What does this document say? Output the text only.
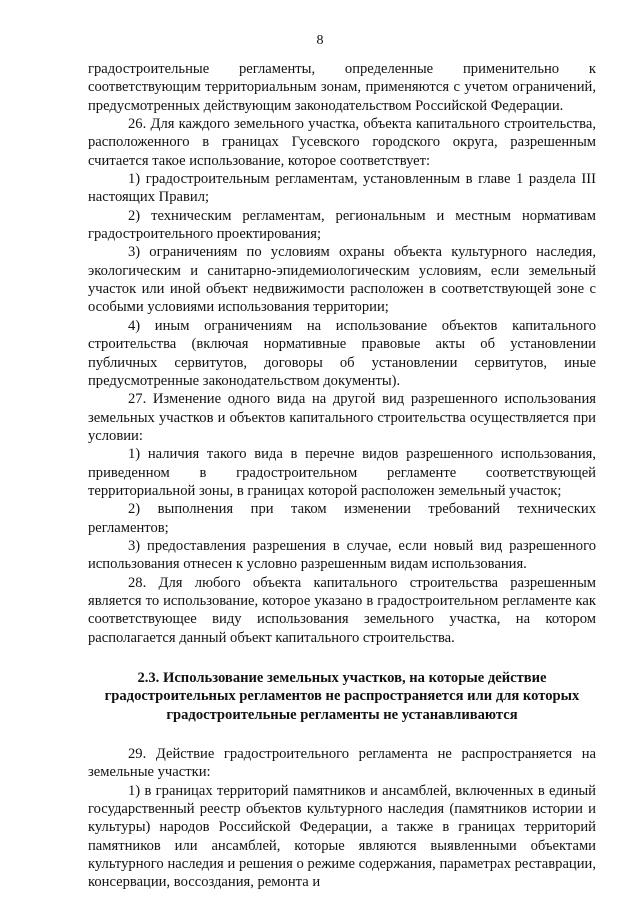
8

градостроительные регламенты, определенные применительно к соответствующим территориальным зонам, применяются с учетом ограничений, предусмотренных действующим законодательством Российской Федерации.

26. Для каждого земельного участка, объекта капитального строительства, расположенного в границах Гусевского городского округа, разрешенным считается такое использование, которое соответствует:

1) градостроительным регламентам, установленным в главе 1 раздела III настоящих Правил;

2) техническим регламентам, региональным и местным нормативам градостроительного проектирования;

3) ограничениям по условиям охраны объекта культурного наследия, экологическим и санитарно-эпидемиологическим условиям, если земельный участок или иной объект недвижимости расположен в соответствующей зоне с особыми условиями использования территории;

4) иным ограничениям на использование объектов капитального строительства (включая нормативные правовые акты об установлении публичных сервитутов, договоры об установлении сервитутов, иные предусмотренные законодательством документы).

27. Изменение одного вида на другой вид разрешенного использования земельных участков и объектов капитального строительства осуществляется при условии:

1) наличия такого вида в перечне видов разрешенного использования, приведенном в градостроительном регламенте соответствующей территориальной зоны, в границах которой расположен земельный участок;

2) выполнения при таком изменении требований технических регламентов;

3) предоставления разрешения в случае, если новый вид разрешенного использования отнесен к условно разрешенным видам использования.

28. Для любого объекта капитального строительства разрешенным является то использование, которое указано в градостроительном регламенте как соответствующее виду использования земельного участка, на котором располагается данный объект капитального строительства.

2.3. Использование земельных участков, на которые действие градостроительных регламентов не распространяется или для которых градостроительные регламенты не устанавливаются

29. Действие градостроительного регламента не распространяется на земельные участки:

1) в границах территорий памятников и ансамблей, включенных в единый государственный реестр объектов культурного наследия (памятников истории и культуры) народов Российской Федерации, а также в границах территорий памятников или ансамблей, которые являются выявленными объектами культурного наследия и решения о режиме содержания, параметрах реставрации, консервации, воссоздания, ремонта и
